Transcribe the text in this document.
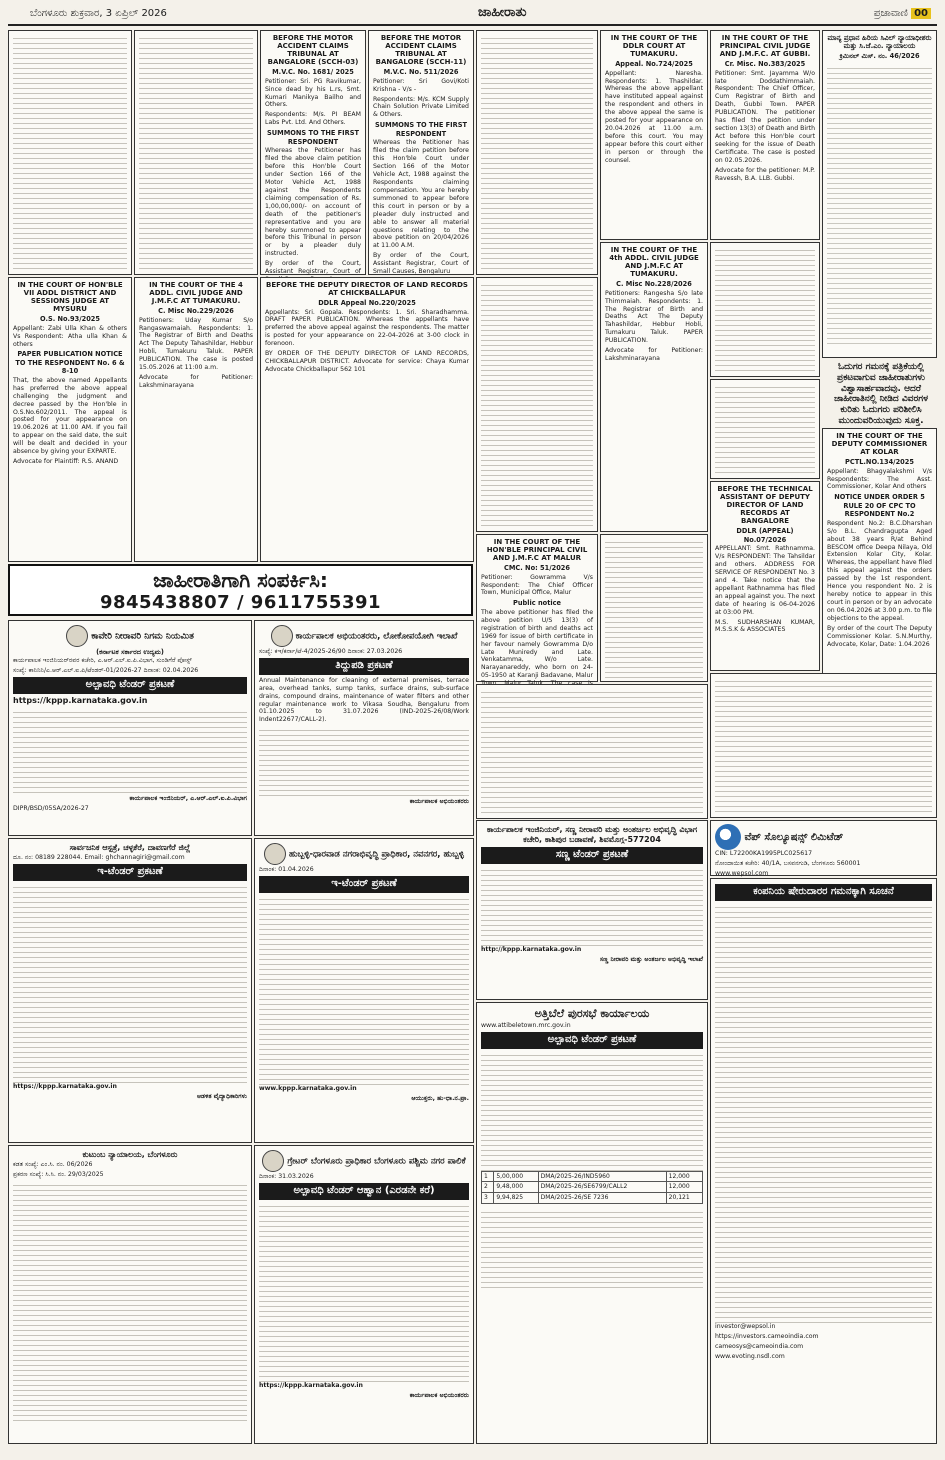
ಬೆಂಗಳೂರು ಶುಕ್ರವಾರ, 3 ಏಪ್ರಿಲ್ 2026	ಜಾಹೀರಾತು	ಪ್ರಜಾವಾಣಿ 00
BEFORE THE MOTOR ACCIDENT CLAIMS TRIBUNAL AT BANGALORE (SCCH-03)
M.V.C. No. 1681/ 2025

Petitioner: Sri. PG Ravikumar, Since dead by his L.rs, Smt. Kumari Manikya Bailho and Others.

Respondents: M/s. PI BEAM Labs Pvt. Ltd. And Others.

SUMMONS TO THE FIRST RESPONDENT

Whereas the Petitioner has filed the above claim petition before this Hon'ble Court under Section 166 of the Motor Vehicle Act, 1988 against the Respondents claiming compensation of Rs. 1,00,00,000/- on account of death of the petitioner's representative and you are hereby summoned to appear before this Tribunal in person or by a pleader duly instructed.

By order of the Court, Assistant Registrar, Court of

BEFORE THE MOTOR ACCIDENT CLAIMS TRIBUNAL AT BANGALORE (SCCH-11)
M.V.C. No. 511/2026

Petitioner: Sri Govi/Koti Krishna - V/s -

Respondents: M/s. KCM Supply Chain Solution Private Limited & Others.

SUMMONS TO THE FIRST RESPONDENT

Whereas the Petitioner has filed the claim petition before this Hon'ble Court under Section 166 of the Motor Vehicle Act, 1988 against the Respondents claiming compensation. You are hereby summoned to appear before this court in person or by a pleader duly instructed and able to answer all material questions relating to the above petition on 20/04/2026 at 11.00 A.M.

By order of the Court, Assistant Registrar, Court of Small Causes, Bengaluru

IN THE COURT OF THE DDLR COURT AT TUMAKURU.
Appeal. No.724/2025

Appellant: Naresha. Respondents: 1. Thashildar. Whereas the above appellant have instituted appeal against the respondent and others in the above appeal the same is posted for your appearance on 20.04.2026 at 11.00 a.m. before this court. You may appear before this court either in person or through the counsel.

IN THE COURT OF THE PRINCIPAL CIVIL JUDGE AND J.M.F.C. AT GUBBI.
Cr. Misc. No.383/2025

Petitioner: Smt. Jayamma W/o late Doddathimmaiah. Respondent: The Chief Officer, Cum Registrar of Birth and Death, Gubbi Town. PAPER PUBLICATION. The petitioner has filed the petition under section 13(3) of Death and Birth Act before this Hon'ble court seeking for the issue of Death Certificate. The case is posted on 02.05.2026.

Advocate for the petitioner: M.P. Ravessh, B.A. LLB. Gubbi.

ಮಾನ್ಯ ಪ್ರಧಾನ ಹಿರಿಯ ಸಿವಿಲ್ ನ್ಯಾಯಾಧೀಶರು ಮತ್ತು ಸಿ.ಜೆ.ಎಂ. ನ್ಯಾಯಾಲಯ
ಕ್ರಿಮಿನಲ್ ಮಿಸ್. ನಂ. 46/2026
IN THE COURT OF HON'BLE VII ADDL DISTRICT AND SESSIONS JUDGE AT MYSURU
O.S. No.93/2025

Appellant: Zabi Ulla Khan & others Vs Respondent: Atha ulla Khan & others

PAPER PUBLICATION NOTICE TO THE RESPONDENT No. 6 & 8-10

That, the above named Appellants has preferred the above appeal challenging the judgment and decree passed by the Hon'ble in O.S.No.602/2011. The appeal is posted for your appearance on 19.06.2026 at 11.00 AM. If you fail to appear on the said date, the suit will be dealt and decided in your absence by giving your EXPARTE.

Advocate for Plaintiff: R.S. ANAND

IN THE COURT OF THE 4 ADDL. CIVIL JUDGE AND J.M.F.C AT TUMAKURU.
C. Misc No.229/2026

Petitioners: Uday Kumar S/o Rangaswamaiah. Respondents: 1. The Registrar of Birth and Deaths Act The Deputy Tahashildar, Hebbur Hobli, Tumakuru Taluk. PAPER PUBLICATION. The case is posted 15.05.2026 at 11:00 a.m.

Advocate for Petitioner: Lakshminarayana

BEFORE THE DEPUTY DIRECTOR OF LAND RECORDS AT CHICKBALLAPUR
DDLR Appeal No.220/2025

Appellants: Sri. Gopala. Respondents: 1. Sri. Sharadhamma. DRAFT PAPER PUBLICATION. Whereas the appellants have preferred the above appeal against the respondents. The matter is posted for your appearance on 22-04-2026 at 3-00 clock in forenoon.

BY ORDER OF THE DEPUTY DIRECTOR OF LAND RECORDS, CHICKBALLAPUR DISTRICT. Advocate for service: Chaya Kumar Advocate Chickballapur 562 101

IN THE COURT OF THE 4th ADDL. CIVIL JUDGE AND J.M.F.C AT TUMAKURU.
C. Misc No.228/2026

Petitioners: Rangesha S/o late Thimmaiah. Respondents: 1. The Registrar of Birth and Deaths Act The Deputy Tahashildar, Hebbur Hobli, Tumakuru Taluk. PAPER PUBLICATION.

Advocate for Petitioner: Lakshminarayana

ಓದುಗರ ಗಮನಕ್ಕೆ ಪತ್ರಿಕೆಯಲ್ಲಿ ಪ್ರಕಟವಾಗುವ ಜಾಹೀರಾತುಗಳು ವಿಶ್ವಾಸಾರ್ಹವಾದವು. ಆದರೆ ಜಾಹೀರಾತಿನಲ್ಲಿ ನೀಡಿದ ವಿವರಗಳ ಕುರಿತು ಓದುಗರು ಪರಿಶೀಲಿಸಿ ಮುಂದುವರಿಯುವುದು ಸೂಕ್ತ.
IN THE COURT OF THE DEPUTY COMMISSIONER AT KOLAR
PCTL.NO.134/2025

Appellant: Bhagyalakshmi V/s Respondents: The Asst. Commissioner, Kolar And others

NOTICE UNDER ORDER 5 RULE 20 OF CPC TO RESPONDENT No.2

Respondent No.2: B.C.Dharshan S/o B.L. Chandragupta Aged about 38 years R/at Behind BESCOM office Deepa Nilaya, Old Extension Kolar City, Kolar. Whereas, the appellant have filed this appeal against the orders passed by the 1st respondent. Hence you respondent No. 2 is hereby notice to appear in this court in person or by an advocate on 06.04.2026 at 3.00 p.m. to file objections to the appeal.

By order of the court The Deputy Commissioner Kolar. S.N.Murthy, Advocate, Kolar, Date: 1.04.2026

BEFORE THE TECHNICAL ASSISTANT OF DEPUTY DIRECTOR OF LAND RECORDS AT BANGALORE
DDLR (APPEAL) No.07/2026

APPELLANT: Smt. Rathnamma. V/s RESPONDENT: The Tahsildar and others. ADDRESS FOR SERVICE OF RESPONDENT No. 3 and 4. Take notice that the appellant Rathnamma has filed an appeal against you. The next date of hearing is 06-04-2026 at 03:00 PM.

M.S. SUDHARSHAN KUMAR, M.S.S.K & ASSOCIATES

IN THE COURT OF THE HON'BLE PRINCIPAL CIVIL AND J.M.F.C AT MALUR
CMC. No: 51/2026

Petitioner: Gowramma V/s Respondent: The Chief Officer Town, Municipal Office, Malur

Public notice

The above petitioner has filed the above petition U/S 13(3) of registration of birth and deaths act 1969 for issue of birth certificate in her favour namely Gowramma D/o Late Muniredy and Late. Venkatamma, W/o Late. Narayanareddy, who born on 24-05-1950 at Karanji Badavane, Malur

ಜಾಹೀರಾತಿಗಾಗಿ ಸಂಪರ್ಕಿಸಿ:
9845438807 / 9611755391
ಕಾವೇರಿ ನೀರಾವರಿ ನಿಗಮ ನಿಯಮಿತ
(ಕರ್ನಾಟಕ ಸರ್ಕಾರದ ಉದ್ಯಮ)

ಕಾರ್ಯಪಾಲಕ ಇಂಜಿನಿಯರ್‌ರವರ ಕಚೇರಿ, ಎ.ಆರ್.ಎಲ್.ಐ.ಪಿ.ವಿಭಾಗ, ಸುಂಡಿಗೆರೆ ಪೋಸ್ಟ್

ಸಂಖ್ಯೆ: ಕಾನಿನಿನಿ/ಎ.ಆರ್.ಎಲ್.ಐ.ಪಿ/ಟೆಂಡರ್-01/2026-27 ದಿನಾಂಕ: 02.04.2026

ಅಲ್ಪಾವಧಿ ಟೆಂಡರ್ ಪ್ರಕಟಣೆ

https://kppp.karnataka.gov.in

ಕಾರ್ಯಪಾಲಕ ಇಂಜಿನಿಯರ್, ಎ.ಆರ್.ಎಲ್.ಐ.ಪಿ.ವಿಭಾಗ

DIPR/BSD/05SA/2026-27

ಕಾರ್ಯಪಾಲಕ ಅಭಿಯಂತರರು, ಲೋಕೋಪಯೋಗಿ ಇಲಾಖೆ

ಸಂಖ್ಯೆ: ಕಇ/ಕರ್ನಾ/ಟೆ-4/2025-26/90 ದಿನಾಂಕ: 27.03.2026

ತಿದ್ದುಪಡಿ ಪ್ರಕಟಣೆ

Annual Maintenance for cleaning of external premises, terrace area, overhead tanks, sump tanks, surface drains, sub-surface drains, compound drains, maintenance of water filters and other regular maintenance work to Vikasa Soudha, Bengaluru from 01.10.2025 to 31.07.2026 (IND-2025-26/08/Work Indent22677/CALL-2).

ಕಾರ್ಯಪಾಲಕ ಅಭಿಯಂತರರು

ವೆಪ್ ಸೊಲ್ಯೂಷನ್ಸ್ ಲಿಮಿಟೆಡ್

CIN: L72200KA1995PLC025617

ನೋಂದಾಯಿತ ಕಚೇರಿ: 40/1A, ಬಸವನಗುಡಿ, ಬೆಂಗಳೂರು 560001

www.wepsol.com

ಕಂಪನಿಯ ಷೇರುದಾರರ ಗಮನಕ್ಕಾಗಿ ಸೂಚನೆ

investor@wepsol.in

https://investors.cameoindia.com

cameosys@cameoindia.com

www.evoting.nsdl.com

ಸಾರ್ವಜನಿಕ ಆಸ್ಪತ್ರೆ, ಚಳ್ಳಕೆರೆ, ದಾವಣಗೆರೆ ಜಿಲ್ಲೆ

ದೂ. ನಂ: 08189 228044. Email: ghchannagiri@gmail.com

ಇ-ಟೆಂಡರ್ ಪ್ರಕಟಣೆ

https://kppp.karnataka.gov.in

ಆಡಳಿತ ವೈದ್ಯಾಧಿಕಾರಿಗಳು

ಹುಬ್ಬಳ್ಳಿ-ಧಾರವಾಡ ನಗರಾಭಿವೃದ್ಧಿ ಪ್ರಾಧಿಕಾರ, ನವನಗರ, ಹುಬ್ಬಳ್ಳಿ

ದಿನಾಂಕ: 01.04.2026

ಇ-ಟೆಂಡರ್ ಪ್ರಕಟಣೆ

www.kppp.karnataka.gov.in

ಆಯುಕ್ತರು, ಹು-ಧಾ.ನ.ಪ್ರಾ.

ಕಾರ್ಯಪಾಲಕ ಇಂಜಿನಿಯರ್, ಸಣ್ಣ ನೀರಾವರಿ ಮತ್ತು ಅಂತರ್ಜಲ ಅಭಿವೃದ್ಧಿ ವಿಭಾಗ ಕಚೇರಿ, ಕಾಶಿಪುರ ಬಡಾವಣೆ, ಶಿವಮೊಗ್ಗ-577204
ಸಣ್ಣ ಟೆಂಡರ್ ಪ್ರಕಟಣೆ

http://kppp.karnataka.gov.in

ಸಣ್ಣ ನೀರಾವರಿ ಮತ್ತು ಅಂತರ್ಜಲ ಅಭಿವೃದ್ಧಿ ಇಲಾಖೆ

ಅತ್ತಿಬೆಲೆ ಪುರಸಭೆ ಕಾರ್ಯಾಲಯ

www.attibeletown.mrc.gov.in

ಅಲ್ಪಾವಧಿ ಟೆಂಡರ್ ಪ್ರಕಟಣೆ
1	5,00,000	DMA/2025-26/IND5960	12,000
2	9,48,000	DMA/2025-26/SE6799/CALL2	12,000
3	9,94,825	DMA/2025-26/SE 7236	20,121
ಕುಟುಂಬ ನ್ಯಾಯಾಲಯ, ಬೆಂಗಳೂರು

ಕಡತ ಸಂಖ್ಯೆ: ಎಂ.ಸಿ. ನಂ. 06/2026

ಪ್ರಕರಣ ಸಂಖ್ಯೆ: ಸಿ.ಸಿ. ನಂ. 29/03/2025

ಗ್ರೇಟರ್ ಬೆಂಗಳೂರು ಪ್ರಾಧಿಕಾರ ಬೆಂಗಳೂರು ಪಶ್ಚಿಮ ನಗರ ಪಾಲಿಕೆ

ದಿನಾಂಕ: 31.03.2026

ಅಲ್ಪಾವಧಿ ಟೆಂಡರ್ ಆಹ್ವಾನ (ಎರಡನೇ ಕರೆ)

https://kppp.karnataka.gov.in

ಕಾರ್ಯಪಾಲಕ ಅಭಿಯಂತರರು
